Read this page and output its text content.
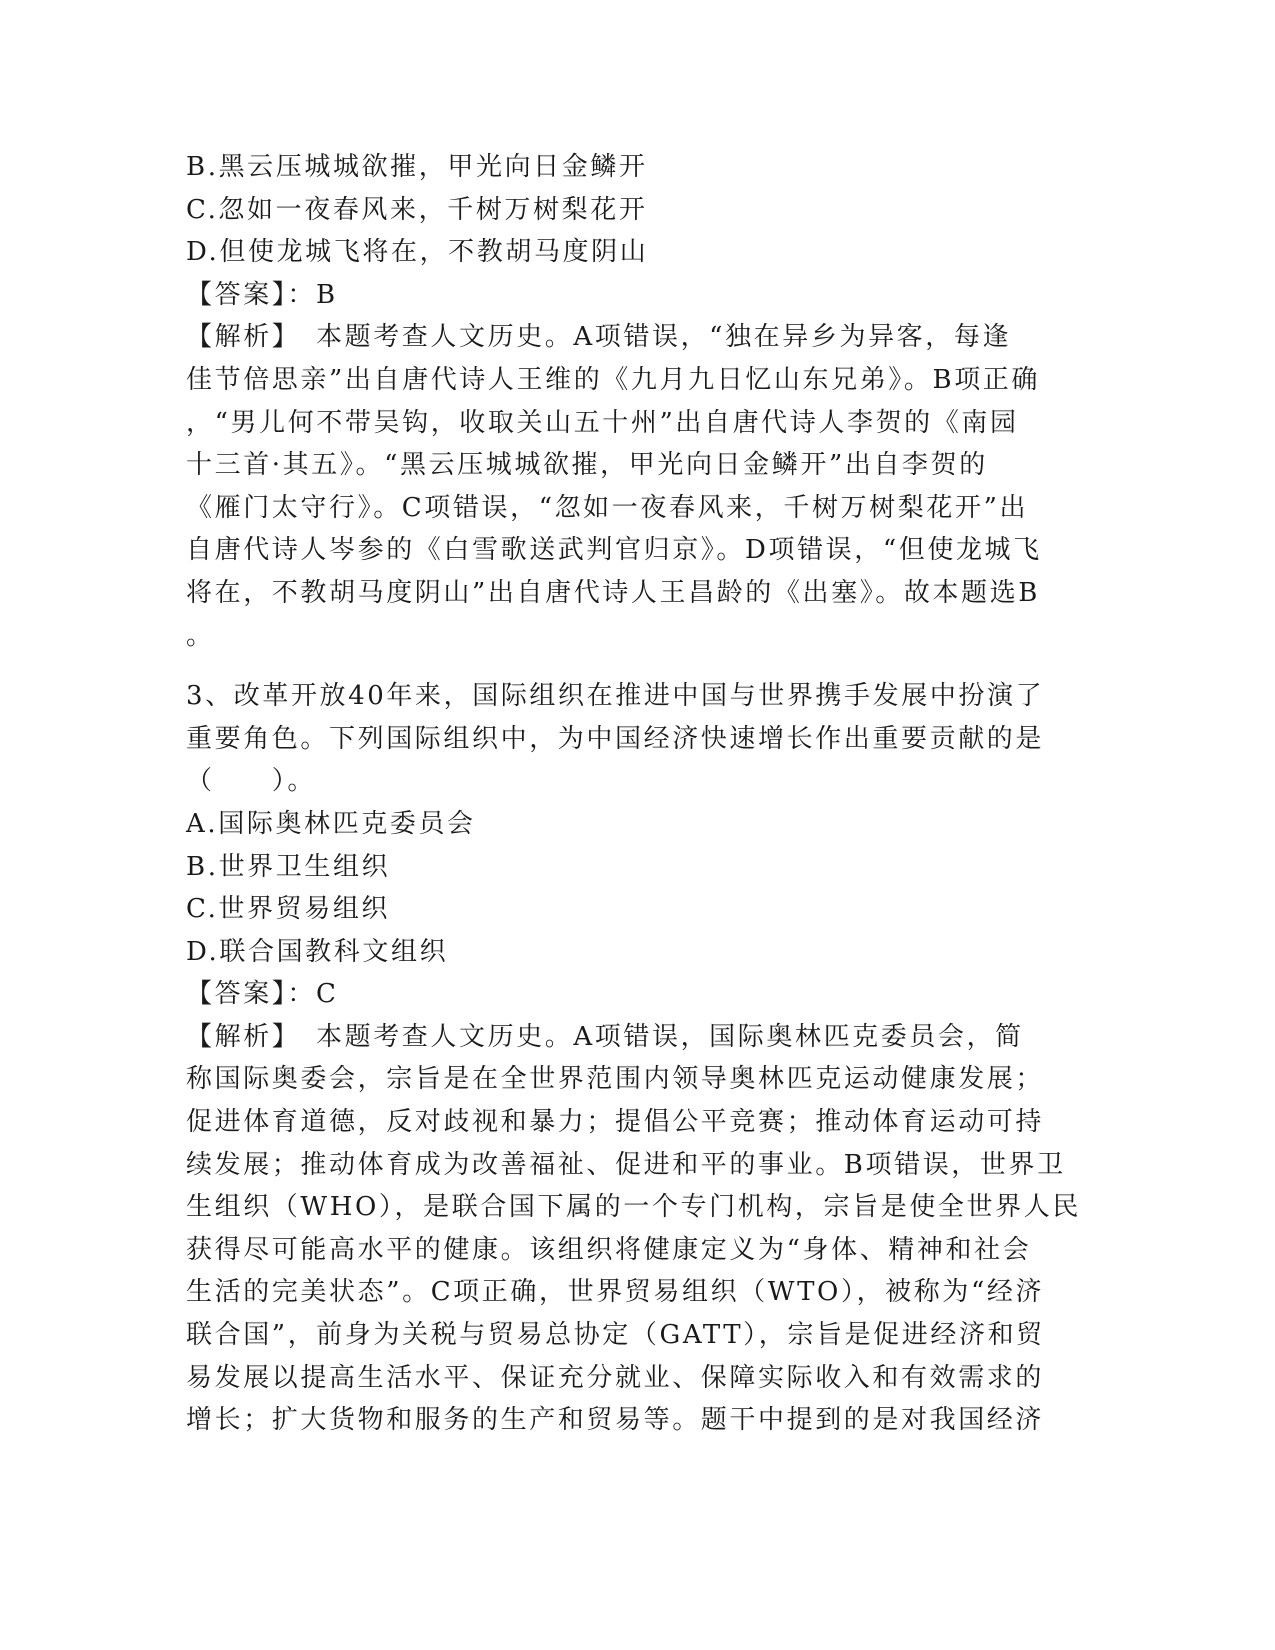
B.黑云压城城欲摧，甲光向日金鳞开
C.忽如一夜春风来，千树万树梨花开
D.但使龙城飞将在，不教胡马度阴山
【答案】：B
【解析】　本题考查人文历史。A项错误，“独在异乡为异客，每逢
佳节倍思亲”出自唐代诗人王维的《九月九日忆山东兄弟》。B项正确
，“男儿何不带吴钩，收取关山五十州”出自唐代诗人李贺的《南园
十三首·其五》。“黑云压城城欲摧，甲光向日金鳞开”出自李贺的
《雁门太守行》。C项错误，“忽如一夜春风来，千树万树梨花开”出
自唐代诗人岑参的《白雪歌送武判官归京》。D项错误，“但使龙城飞
将在，不教胡马度阴山”出自唐代诗人王昌龄的《出塞》。故本题选B
。
3、改革开放40年来，国际组织在推进中国与世界携手发展中扮演了
重要角色。下列国际组织中，为中国经济快速增长作出重要贡献的是
（　　）。
A.国际奥林匹克委员会
B.世界卫生组织
C.世界贸易组织
D.联合国教科文组织
【答案】：C
【解析】　本题考查人文历史。A项错误，国际奥林匹克委员会，简
称国际奥委会，宗旨是在全世界范围内领导奥林匹克运动健康发展；
促进体育道德，反对歧视和暴力；提倡公平竞赛；推动体育运动可持
续发展；推动体育成为改善福祉、促进和平的事业。B项错误，世界卫
生组织（WHO），是联合国下属的一个专门机构，宗旨是使全世界人民
获得尽可能高水平的健康。该组织将健康定义为“身体、精神和社会
生活的完美状态”。C项正确，世界贸易组织（WTO），被称为“经济
联合国”，前身为关税与贸易总协定（GATT），宗旨是促进经济和贸
易发展以提高生活水平、保证充分就业、保障实际收入和有效需求的
增长；扩大货物和服务的生产和贸易等。题干中提到的是对我国经济
